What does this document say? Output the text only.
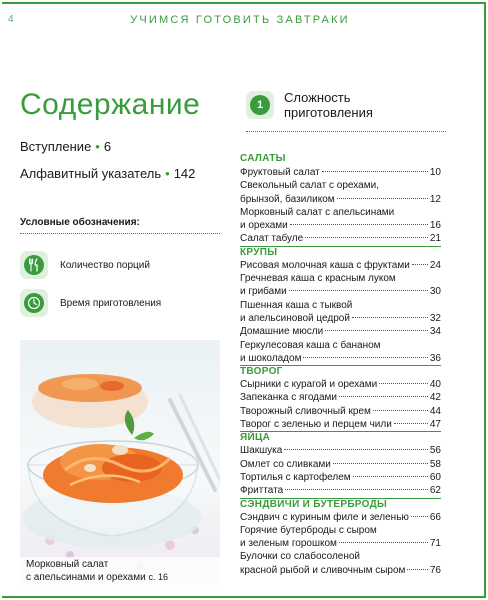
4	УЧИМСЯ ГОТОВИТЬ ЗАВТРАКИ
Содержание
Вступление • 6
Алфавитный указатель • 142
Условные обозначения:
Количество порций
Время приготовления
Морковный салат
с апельсинами и орехами с. 16
1	Сложность
приготовления
САЛАТЫ
Фруктовый салат	10
Свекольный салат с орехами,
брынзой, базиликом	12
Морковный салат с апельсинами
и орехами	16
Салат табуле	21
КРУПЫ
Рисовая молочная каша с фруктами 24
Гречневая каша с красным луком
и грибами	30
Пшенная каша с тыквой
и апельсиновой цедрой	32
Домашние мюсли	34
Геркулесовая каша с бананом
и шоколадом	36
ТВОРОГ
Сырники с курагой и орехами	40
Запеканка с ягодами	42
Творожный сливочный крем	44
Творог с зеленью и перцем чили	47
ЯЙЦА
Шакшука	56
Омлет со сливками	58
Тортилья с картофелем	60
Фриттата	62
СЭНДВИЧИ И БУТЕРБРОДЫ
Сэндвич с куриным филе и зеленью 66
Горячие бутерброды с сыром
и зеленым горошком	71
Булочки со слабосоленой
красной рыбой и сливочным сыром 76
